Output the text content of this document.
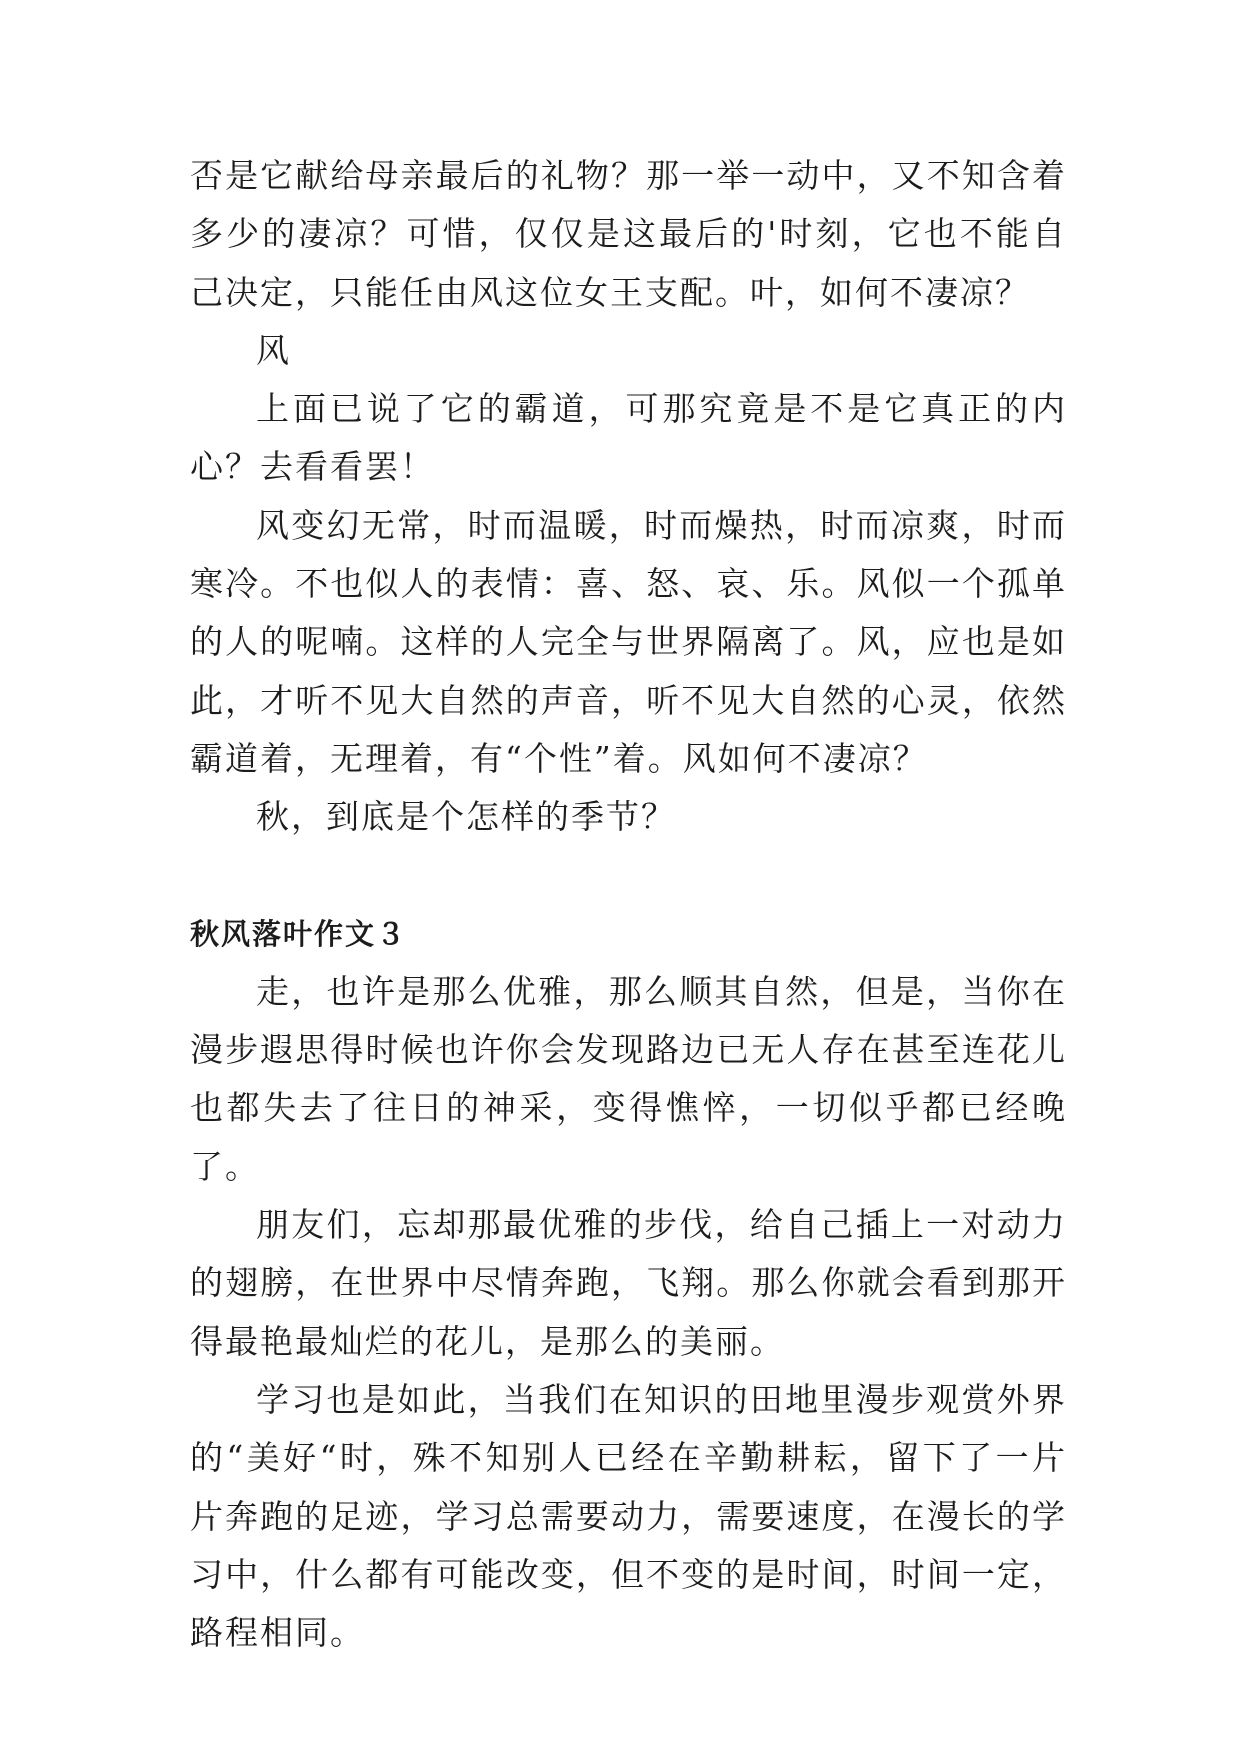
否是它献给母亲最后的礼物？那一举一动中，又不知含着多少的凄凉？可惜，仅仅是这最后的'时刻，它也不能自己决定，只能任由风这位女王支配。叶，如何不凄凉？

风

上面已说了它的霸道，可那究竟是不是它真正的内心？去看看罢！

风变幻无常，时而温暖，时而燥热，时而凉爽，时而寒冷。不也似人的表情：喜、怒、哀、乐。风似一个孤单的人的呢喃。这样的人完全与世界隔离了。风，应也是如此，才听不见大自然的声音，听不见大自然的心灵，依然霸道着，无理着，有“个性”着。风如何不凄凉？

秋，到底是个怎样的季节？

秋风落叶作文３

走，也许是那么优雅，那么顺其自然，但是，当你在漫步遐思得时候也许你会发现路边已无人存在甚至连花儿也都失去了往日的神采，变得憔悴，一切似乎都已经晚了。

朋友们，忘却那最优雅的步伐，给自己插上一对动力的翅膀，在世界中尽情奔跑，飞翔。那么你就会看到那开得最艳最灿烂的花儿，是那么的美丽。

学习也是如此，当我们在知识的田地里漫步观赏外界的“美好“时，殊不知别人已经在辛勤耕耘，留下了一片片奔跑的足迹，学习总需要动力，需要速度，在漫长的学习中，什么都有可能改变，但不变的是时间，时间一定，路程相同。
